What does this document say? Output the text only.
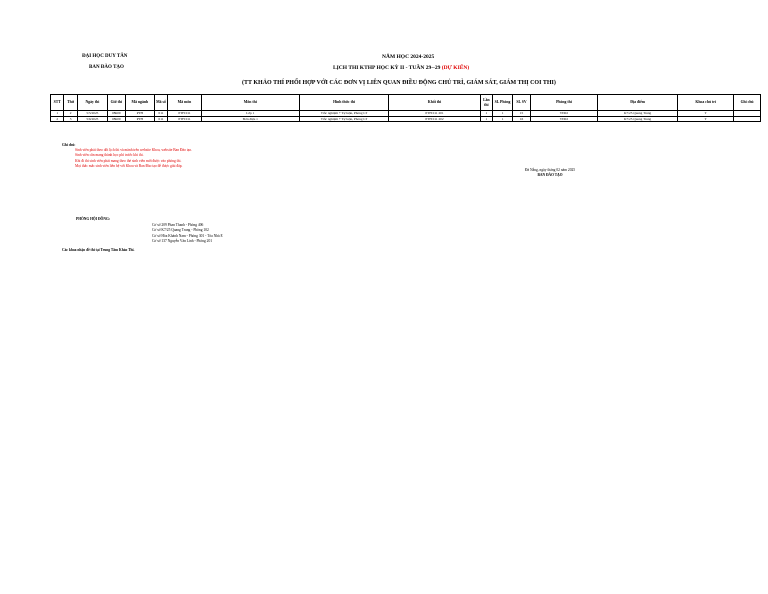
ĐẠI HỌC DUY TÂN
BAN ĐÀO TẠO
NĂM HỌC 2024-2025
LỊCH THI KTHP HỌC KỲ II - TUẦN 29--29 (DỰ KIẾN)
(TT KHẢO THÍ PHỐI HỢP VỚI CÁC ĐƠN VỊ LIÊN QUAN ĐIỀU ĐỘNG CHỦ TRÌ, GIÁM SÁT, GIÁM THỊ COI THI)
STT	Thứ	Ngày thi	Giờ thi	Mã ngành	Mã số	Mã môn	Môn thi	Hình thức thi	Khối thi	Lần thi	SL Phòng	SL SV	Phòng thi	Địa điểm	Khoa chủ trì	Ghi chú
1	2	5/5/2025	08h00	PTH	011	PTH 011	Lớp 1	Trắc nghiệm + Tự luận, Phòng LT	PTH 011 201	1	1	15	VĐ02	K7/25 Quang Trung	T	
2	3	5/6/2025	08h00	PTH	011	PTH 011	Đơn điệu 1	Trắc nghiệm + Tự luận, Phòng LT	PTH 011 202	1	1	16	VĐ02	K7/25 Quang Trung	T	
Ghi chú:
Sinh viên phải theo dõi lịch thi và mành trên website Khoa, website Ban Đào tạo.
Sinh viên cần mang thành học phí trước khi thi.
Khi đi thi sinh viên phải mang theo thẻ sinh viên mới được vào phòng thi.
Mọi thắc mắc sinh viên liên hệ với Khoa và Ban Đào tạo để được giải đáp.
Đà Nẵng, ngày tháng 02 năm 2025
BAN ĐÀO TẠO
PHÒNG HỘI ĐỒNG:
Cơ sở 209 Phan Thanh - Phòng 406
Cơ sở K7/25 Quang Trung - Phòng 102
Cơ sở Hòa Khánh Nam - Phòng 301 - Tòa Nhà E
Cơ sở 137 Nguyễn Văn Linh - Phòng 201
Các khoa nhận đề thi tại Trung Tâm Khảo Thí.
